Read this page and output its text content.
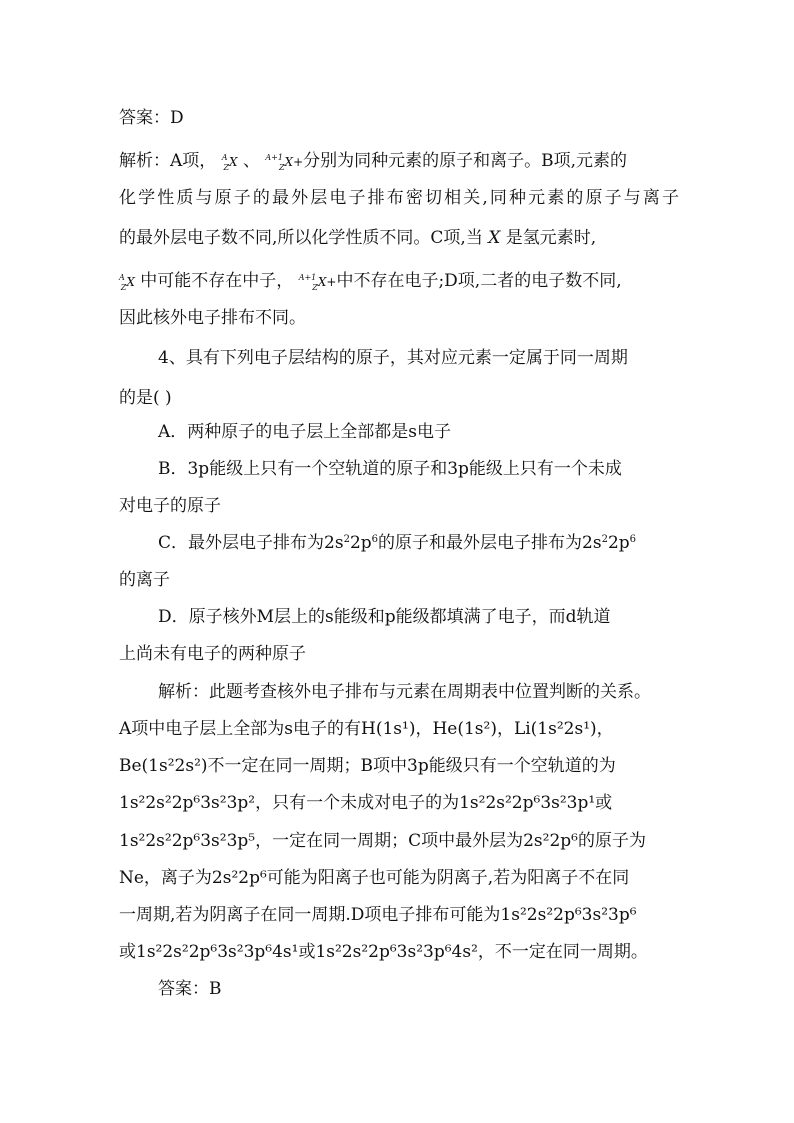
答案：D
解析：A项， $^A_Z$X 、 $^{A+1}_Z$X+分别为同种元素的原子和离子。B项,元素的
化学性质与原子的最外层电子排布密切相关,同种元素的原子与离子
的最外层电子数不同,所以化学性质不同。C项,当 X 是氢元素时,
$^A_Z$X 中可能不存在中子， $^{A+1}_Z$X+中不存在电子;D项,二者的电子数不同,
因此核外电子排布不同。
4、具有下列电子层结构的原子，其对应元素一定属于同一周期
的是( )
A．两种原子的电子层上全部都是s电子
B．3p能级上只有一个空轨道的原子和3p能级上只有一个未成
对电子的原子
C．最外层电子排布为$2s^22p^6$的原子和最外层电子排布为$2s^22p^6$
的离子
D．原子核外M层上的s能级和p能级都填满了电子，而d轨道
上尚未有电子的两种原子
解析：此题考查核外电子排布与元素在周期表中位置判断的关系。
A项中电子层上全部为s电子的有H(1s¹)，He(1s²)，Li(1s²2s¹)，
Be(1s²2s²)不一定在同一周期；B项中3p能级只有一个空轨道的为
1s²2s²2p⁶3s²3p²，只有一个未成对电子的为1s²2s²2p⁶3s²3p¹或
1s²2s²2p⁶3s²3p⁵，一定在同一周期；C项中最外层为2s²2p⁶的原子为
Ne，离子为2s²2p⁶可能为阳离子也可能为阴离子,若为阳离子不在同
一周期,若为阴离子在同一周期.D项电子排布可能为1s²2s²2p⁶3s²3p⁶
或1s²2s²2p⁶3s²3p⁶4s¹或1s²2s²2p⁶3s²3p⁶4s²，不一定在同一周期。
答案：B
